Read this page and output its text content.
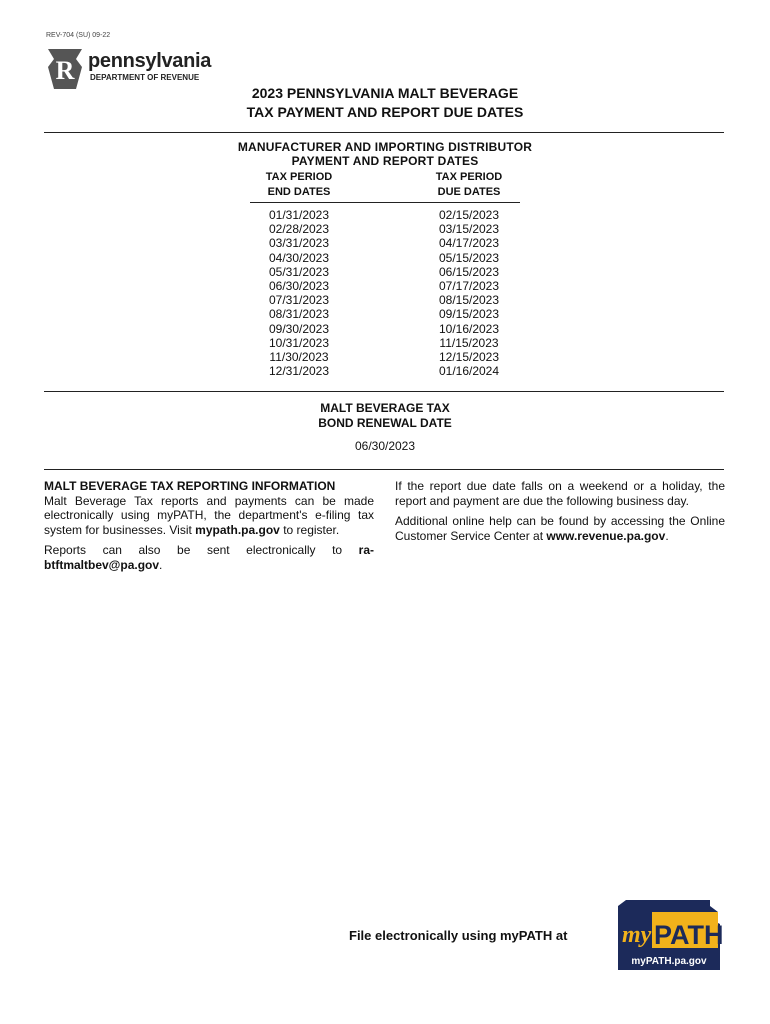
REV-704 (SU) 09-22
R pennsylvania
DEPARTMENT OF REVENUE
2023 PENNSYLVANIA MALT BEVERAGE
TAX PAYMENT AND REPORT DUE DATES
MANUFACTURER AND IMPORTING DISTRIBUTOR
PAYMENT AND REPORT DATES
TAX PERIOD
END DATES
TAX PERIOD
DUE DATES
01/31/2023
02/28/2023
03/31/2023
04/30/2023
05/31/2023
06/30/2023
07/31/2023
08/31/2023
09/30/2023
10/31/2023
11/30/2023
12/31/2023
02/15/2023
03/15/2023
04/17/2023
05/15/2023
06/15/2023
07/17/2023
08/15/2023
09/15/2023
10/16/2023
11/15/2023
12/15/2023
01/16/2024
MALT BEVERAGE TAX
BOND RENEWAL DATE
06/30/2023
MALT BEVERAGE TAX REPORTING INFORMATION

Malt Beverage Tax reports and payments can be made electronically using myPATH, the department's e-filing tax system for businesses. Visit mypath.pa.gov to register.

Reports can also be sent electronically to ra-btftmaltbev@pa.gov.

If the report due date falls on a weekend or a holiday, the report and payment are due the following business day.

Additional online help can be found by accessing the Online Customer Service Center at www.revenue.pa.gov.

File electronically using myPATH at my PATH
myPATH.pa.gov
